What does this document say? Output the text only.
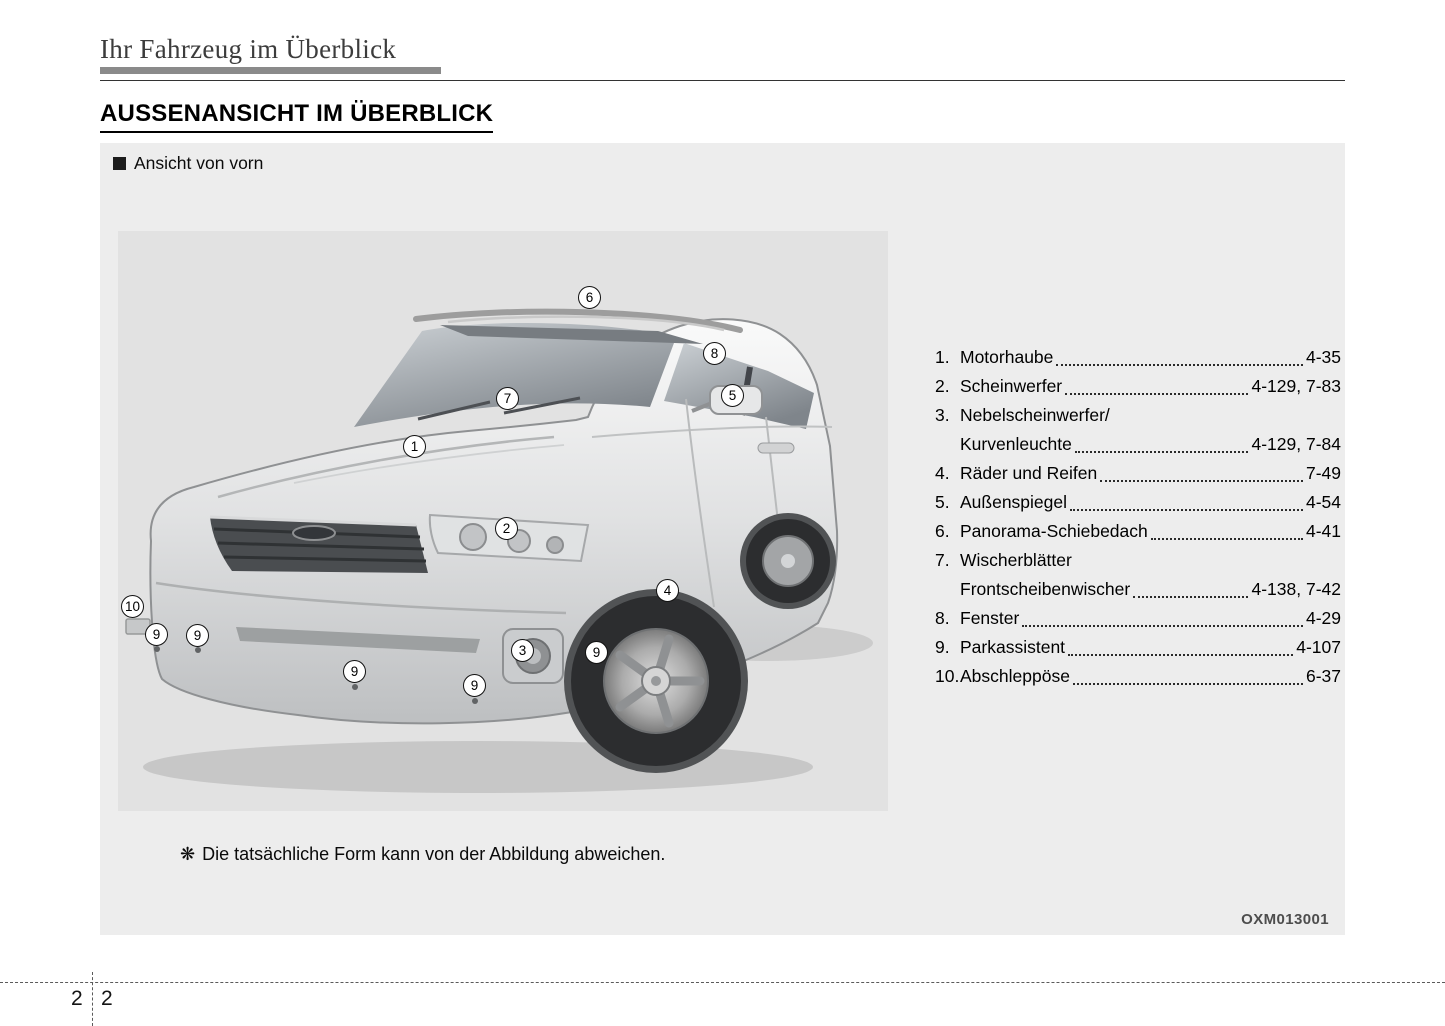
Ihr Fahrzeug im Überblick
AUSSENANSICHT IM ÜBERBLICK
Ansicht von vorn
6
8
7	5
1
2
4
10
9	9
9
9
3	9
1. Motorhaube	4-35
2. Scheinwerfer	4-129, 7-83
3. Nebelscheinwerfer/
Kurvenleuchte	4-129, 7-84
4. Räder und Reifen	7-49
5. Außenspiegel	4-54
6. Panorama-Schiebedach	4-41
7. Wischerblätter
Frontscheibenwischer	4-138, 7-42
8. Fenster	4-29
9. Parkassistent	4-107
10. Abschleppöse	6-37
❋ Die tatsächliche Form kann von der Abbildung abweichen.
OXM013001
2 2
